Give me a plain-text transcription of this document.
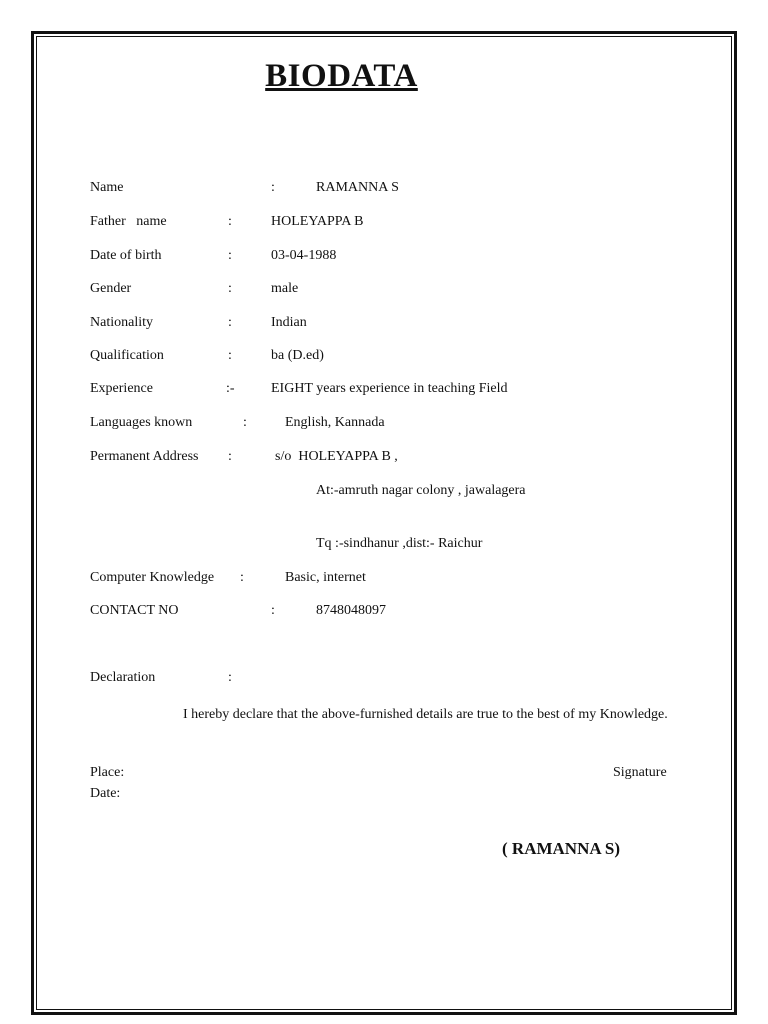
BIODATA
Name	:	RAMANNA S
Father   name	:	HOLEYAPPA B
Date of birth	:	03-04-1988
Gender	:	male
Nationality	:	Indian
Qualification	:	ba (D.ed)
Experience	:-	EIGHT years experience in teaching Field
Languages known	:	English, Kannada
Permanent Address :	s/o  HOLEYAPPA B ,
At:-amruth nagar colony , jawalagera
Tq :-sindhanur ,dist:- Raichur
Computer Knowledge :	Basic, internet
CONTACT NO	:	8748048097
Declaration	:
I hereby declare that the above-furnished details are true to the best of my Knowledge.
Place:
Date:
Signature
( RAMANNA S)
